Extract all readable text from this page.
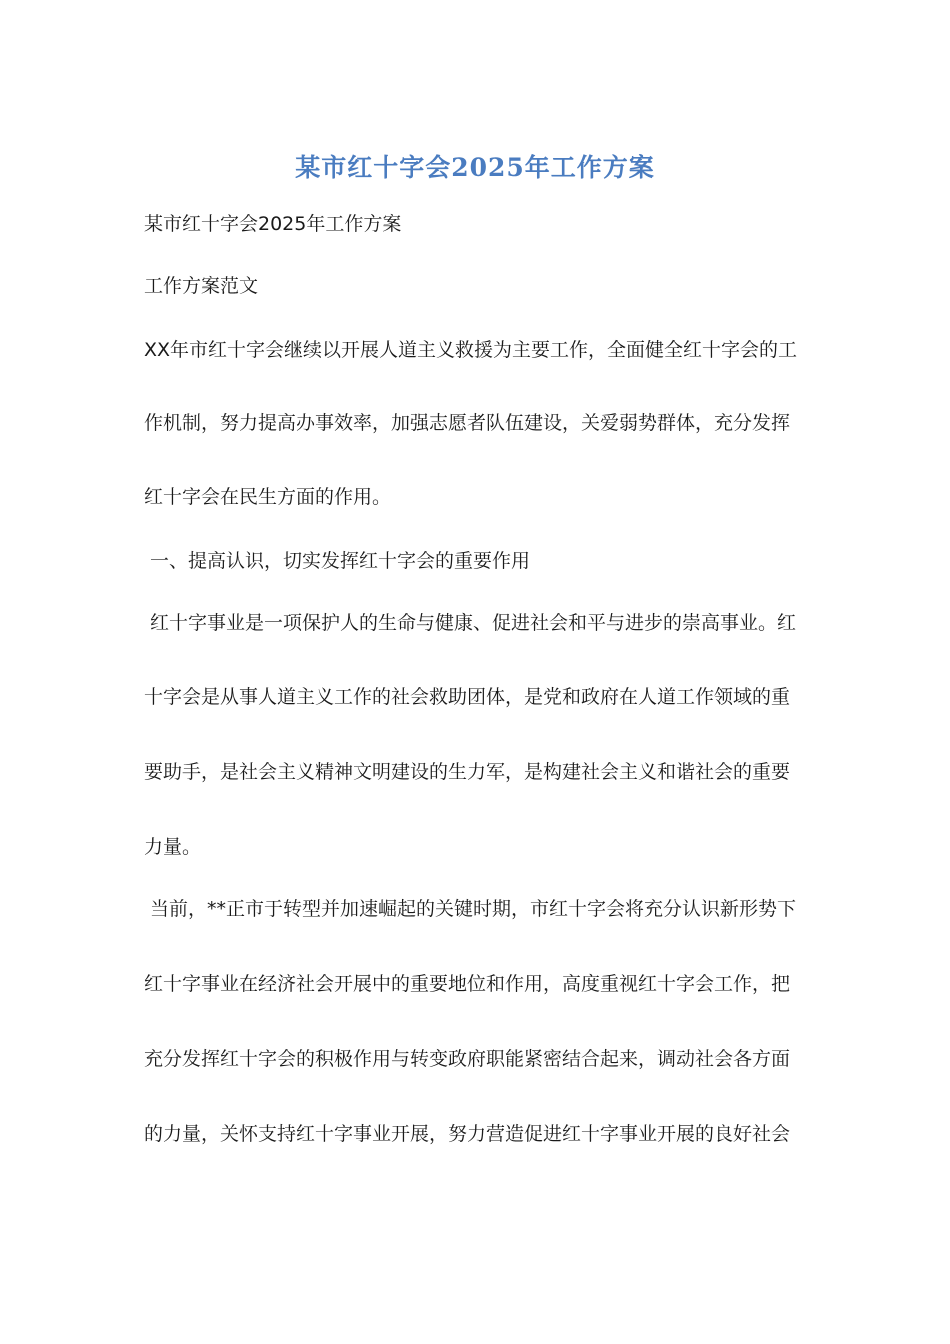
某市红十字会2025年工作方案
某市红十字会2025年工作方案
工作方案范文
XX年市红十字会继续以开展人道主义救援为主要工作，全面健全红十字会的工
作机制，努力提高办事效率，加强志愿者队伍建设，关爱弱势群体，充分发挥
红十字会在民生方面的作用。
一、提高认识，切实发挥红十字会的重要作用
红十字事业是一项保护人的生命与健康、促进社会和平与进步的崇高事业。红
十字会是从事人道主义工作的社会救助团体，是党和政府在人道工作领域的重
要助手，是社会主义精神文明建设的生力军，是构建社会主义和谐社会的重要
力量。
当前，**正市于转型并加速崛起的关键时期，市红十字会将充分认识新形势下
红十字事业在经济社会开展中的重要地位和作用，高度重视红十字会工作，把
充分发挥红十字会的积极作用与转变政府职能紧密结合起来，调动社会各方面
的力量，关怀支持红十字事业开展，努力营造促进红十字事业开展的良好社会
